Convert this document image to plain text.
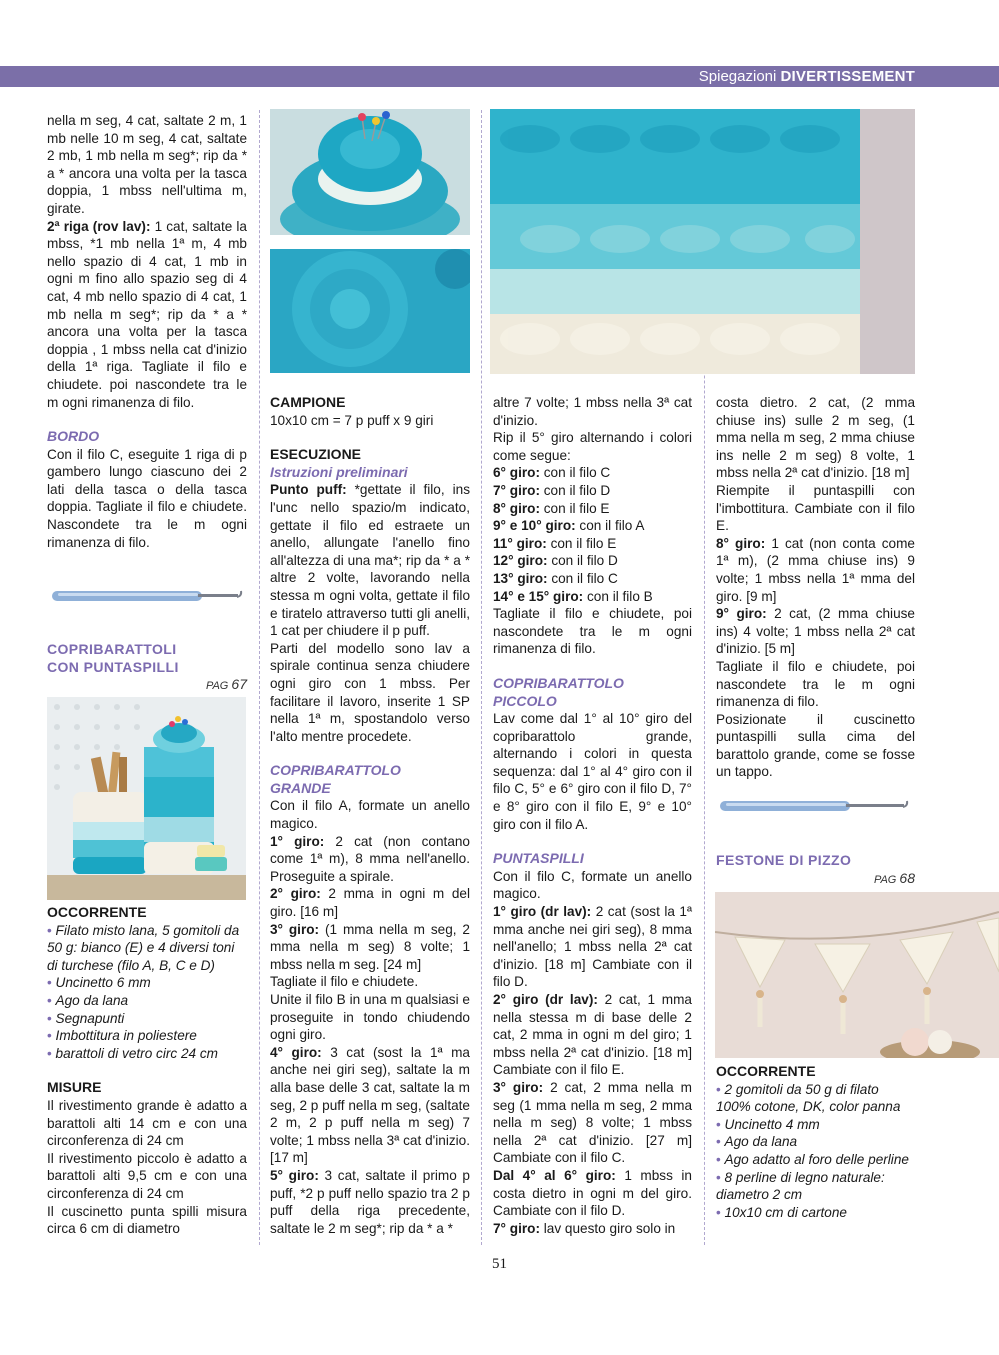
Spiegazioni DIVERTISSEMENT

nella m seg, 4 cat, saltate 2 m, 1 mb nelle 10 m seg, 4 cat, saltate 2 mb, 1 mb nella m seg*; rip da * a * ancora una volta per la tasca doppia, 1 mbss nell'ultima m, girate.

2ª riga (rov lav): 1 cat, saltate la mbss, *1 mb nella 1ª m, 4 mb nello spazio di 4 cat, 1 mb in ogni m fino allo spazio seg di 4 cat, 4 mb nello spazio di 4 cat, 1 mb nella m seg*; rip da * a * ancora una volta per la tasca doppia , 1 mbss nella cat d'inizio della 1ª riga. Tagliate il filo e chiudete. poi nascondete tra le m ogni rimanenza di filo.

BORDO

Con il filo C, eseguite 1 riga di p gambero lungo ciascuno dei 2 lati della tasca o della tasca doppia. Tagliate il filo e chiudete. Nascondete tra le m ogni rimanenza di filo.

COPRIBARATTOLI
CON PUNTASPILLI

PAG 67

OCCORRENTE

• Filato misto lana, 5 gomitoli da 50 g: bianco (E) e 4 diversi toni di turchese (filo A, B, C e D)
• Uncinetto 6 mm
• Ago da lana
• Segnapunti
• Imbottitura in poliestere
• barattoli di vetro circ 24 cm

MISURE

Il rivestimento grande è adatto a barattoli alti 14 cm e con una circonferenza di 24 cm

Il rivestimento piccolo è adatto a barattoli alti 9,5 cm e con una circonferenza di 24 cm

Il cuscinetto punta spilli misura circa 6 cm di diametro

CAMPIONE

10x10 cm = 7 p puff x 9 giri

ESECUZIONE

Istruzioni preliminari

Punto puff: *gettate il filo, ins l'unc nello spazio/m indicato, gettate il filo ed estraete un anello, allungate l'anello fino all'altezza di una ma*; rip da * a * altre 2 volte, lavorando nella stessa m ogni volta, gettate il filo e tiratelo attraverso tutti gli anelli, 1 cat per chiudere il p puff.

Parti del modello sono lav a spirale continua senza chiudere ogni giro con 1 mbss. Per facilitare il lavoro, inserite 1 SP nella 1ª m, spostandolo verso l'alto mentre procedete.

COPRIBARATTOLO
GRANDE

Con il filo A, formate un anello magico.

1° giro: 2 cat (non contano come 1ª m), 8 mma nell'anello. Proseguite a spirale.

2° giro: 2 mma in ogni m del giro. [16 m]

3° giro: (1 mma nella m seg, 2 mma nella m seg) 8 volte; 1 mbss nella m seg. [24 m]

Tagliate il filo e chiudete.

Unite il filo B in una m qualsiasi e proseguite in tondo chiudendo ogni giro.

4° giro: 3 cat (sost la 1ª ma anche nei giri seg), saltate la m alla base delle 3 cat, saltate la m seg, 2 p puff nella m seg, (saltate 2 m, 2 p puff nella m seg) 7 volte; 1 mbss nella 3ª cat d'inizio. [17 m]

5° giro: 3 cat, saltate il primo p puff, *2 p puff nello spazio tra 2 p puff della riga precedente, saltate le 2 m seg*; rip da * a *

altre 7 volte; 1 mbss nella 3ª cat d'inizio.

Rip il 5° giro alternando i colori come segue:

6° giro: con il filo C

7° giro: con il filo D

8° giro: con il filo E

9° e 10° giro: con il filo A

11° giro: con il filo E

12° giro: con il filo D

13° giro: con il filo C

14° e 15° giro: con il filo B

Tagliate il filo e chiudete, poi nascondete tra le m ogni rimanenza di filo.

COPRIBARATTOLO
PICCOLO

Lav come dal 1° al 10° giro del copribarattolo grande, alternando i colori in questa sequenza: dal 1° al 4° giro con il filo C, 5° e 6° giro con il filo D, 7° e 8° giro con il filo E, 9° e 10° giro con il filo A.

PUNTASPILLI

Con il filo C, formate un anello magico.

1° giro (dr lav): 2 cat (sost la 1ª mma anche nei giri seg), 8 mma nell'anello; 1 mbss nella 2ª cat d'inizio. [18 m] Cambiate con il filo D.

2° giro (dr lav): 2 cat, 1 mma nella stessa m di base delle 2 cat, 2 mma in ogni m del giro; 1 mbss nella 2ª cat d'inizio. [18 m] Cambiate con il filo E.

3° giro: 2 cat, 2 mma nella m seg (1 mma nella m seg, 2 mma nella m seg) 8 volte; 1 mbss nella 2ª cat d'inizio. [27 m] Cambiate con il filo C.

Dal 4° al 6° giro: 1 mbss in costa dietro in ogni m del giro. Cambiate con il filo D.

7° giro: lav questo giro solo in

costa dietro. 2 cat, (2 mma chiuse ins) sulle 2 m seg, (1 mma nella m seg, 2 mma chiuse ins nelle 2 m seg) 8 volte, 1 mbss nella 2ª cat d'inizio. [18 m]

Riempite il puntaspilli con l'imbottitura. Cambiate con il filo E.

8° giro: 1 cat (non conta come 1ª m), (2 mma chiuse ins) 9 volte; 1 mbss nella 1ª mma del giro. [9 m]

9° giro: 2 cat, (2 mma chiuse ins) 4 volte; 1 mbss nella 2ª cat d'inizio. [5 m]

Tagliate il filo e chiudete, poi nascondete tra le m ogni rimanenza di filo.

Posizionate il cuscinetto puntaspilli sulla cima del barattolo grande, come se fosse un tappo.

FESTONE DI PIZZO

PAG 68

OCCORRENTE

• 2 gomitoli da 50 g di filato 100% cotone, DK, color panna
• Uncinetto 4 mm
• Ago da lana
• Ago adatto al foro delle perline
• 8 perline di legno naturale: diametro 2 cm
• 10x10 cm di cartone
51
